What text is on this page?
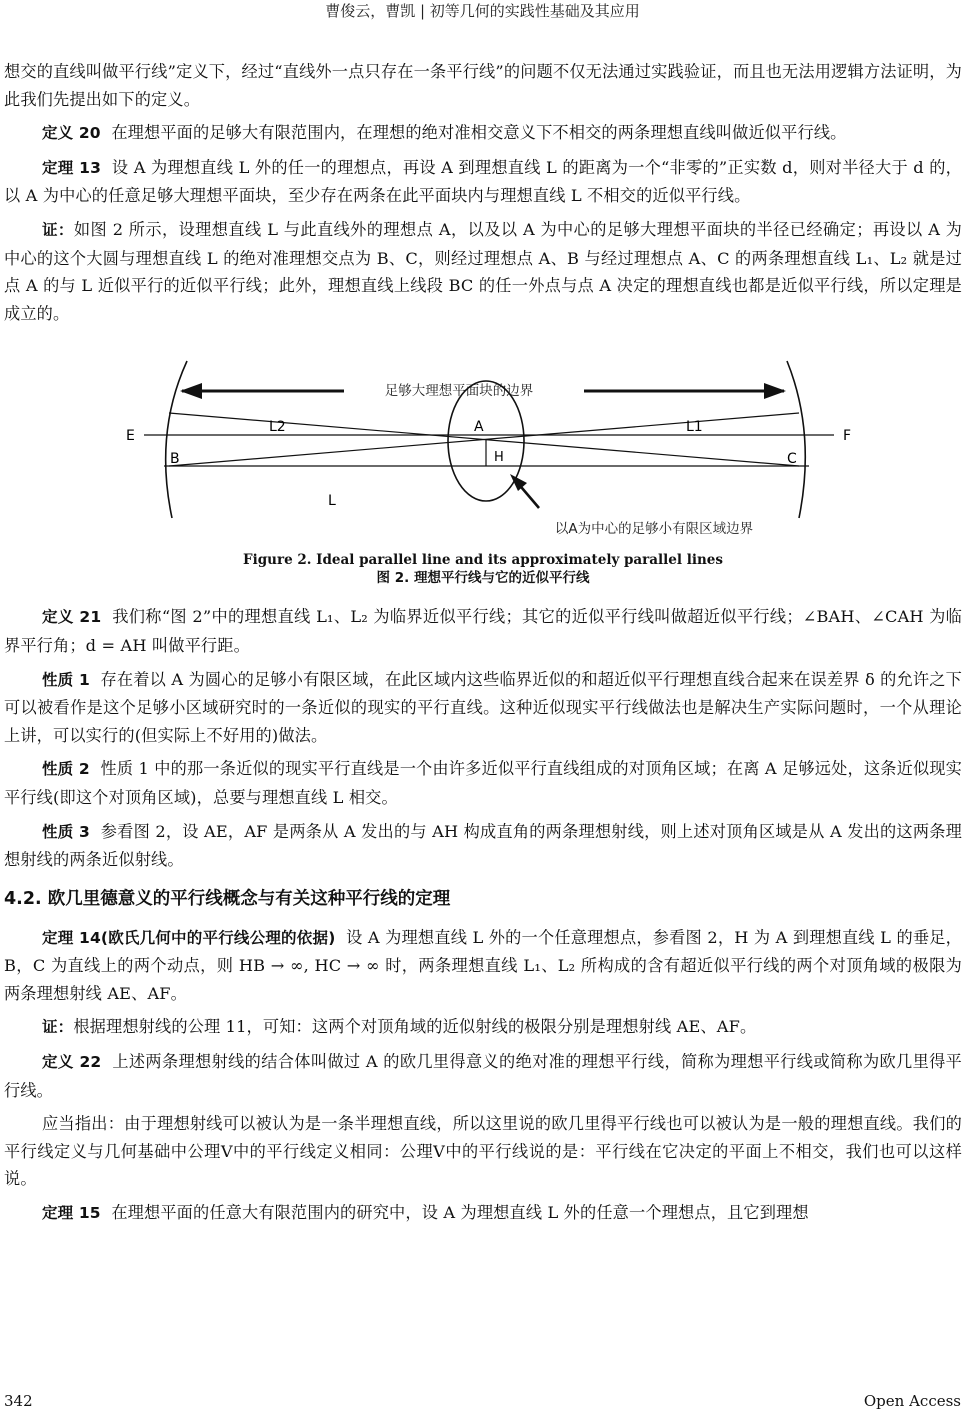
曹俊云，曹凯 | 初等几何的实践性基础及其应用

想交的直线叫做平行线”定义下，经过“直线外一点只存在一条平行线”的问题不仅无法通过实践验证，而且也无法用逻辑方法证明，为此我们先提出如下的定义。

定义 20 在理想平面的足够大有限范围内，在理想的绝对准相交意义下不相交的两条理想直线叫做近似平行线。

定理 13 设 A 为理想直线 L 外的任一的理想点，再设 A 到理想直线 L 的距离为一个“非零的”正实数 d，则对半径大于 d 的，以 A 为中心的任意足够大理想平面块，至少存在两条在此平面块内与理想直线 L 不相交的近似平行线。

证：如图 2 所示，设理想直线 L 与此直线外的理想点 A，以及以 A 为中心的足够大理想平面块的半径已经确定；再设以 A 为中心的这个大圆与理想直线 L 的绝对准理想交点为 B、C，则经过理想点 A、B 与经过理想点 A、C 的两条理想直线 L₁、L₂ 就是过点 A 的与 L 近似平行的近似平行线；此外，理想直线上线段 BC 的任一外点与点 A 决定的理想直线也都是近似平行线，所以定理是成立的。

足够大理想平面块的边界
E	F
L
L2	L1
A
H
B	C
以A为中心的足够小有限区域边界
Figure 2. Ideal parallel line and its approximately parallel lines
图 2. 理想平行线与它的近似平行线

定义 21 我们称“图 2”中的理想直线 L₁、L₂ 为临界近似平行线；其它的近似平行线叫做超近似平行线；∠BAH、∠CAH 为临界平行角；d = AH 叫做平行距。

性质 1 存在着以 A 为圆心的足够小有限区域，在此区域内这些临界近似的和超近似平行理想直线合起来在误差界 δ 的允许之下可以被看作是这个足够小区域研究时的一条近似的现实的平行直线。这种近似现实平行线做法也是解决生产实际问题时，一个从理论上讲，可以实行的(但实际上不好用的)做法。

性质 2 性质 1 中的那一条近似的现实平行直线是一个由许多近似平行直线组成的对顶角区域；在离 A 足够远处，这条近似现实平行线(即这个对顶角区域)，总要与理想直线 L 相交。

性质 3 参看图 2，设 AE，AF 是两条从 A 发出的与 AH 构成直角的两条理想射线，则上述对顶角区域是从 A 发出的这两条理想射线的两条近似射线。

4.2. 欧几里德意义的平行线概念与有关这种平行线的定理

定理 14(欧氏几何中的平行线公理的依据) 设 A 为理想直线 L 外的一个任意理想点，参看图 2，H 为 A 到理想直线 L 的垂足，B，C 为直线上的两个动点，则 HB → ∞, HC → ∞ 时，两条理想直线 L₁、L₂ 所构成的含有超近似平行线的两个对顶角域的极限为两条理想射线 AE、AF。

证：根据理想射线的公理 11，可知：这两个对顶角域的近似射线的极限分别是理想射线 AE、AF。

定义 22 上述两条理想射线的结合体叫做过 A 的欧几里得意义的绝对准的理想平行线，简称为理想平行线或简称为欧几里得平行线。

应当指出：由于理想射线可以被认为是一条半理想直线，所以这里说的欧几里得平行线也可以被认为是一般的理想直线。我们的平行线定义与几何基础中公理Ⅴ中的平行线定义相同：公理Ⅴ中的平行线说的是：平行线在它决定的平面上不相交，我们也可以这样说。

定理 15 在理想平面的任意大有限范围内的研究中，设 A 为理想直线 L 外的任意一个理想点，且它到理想

342	Open Access
